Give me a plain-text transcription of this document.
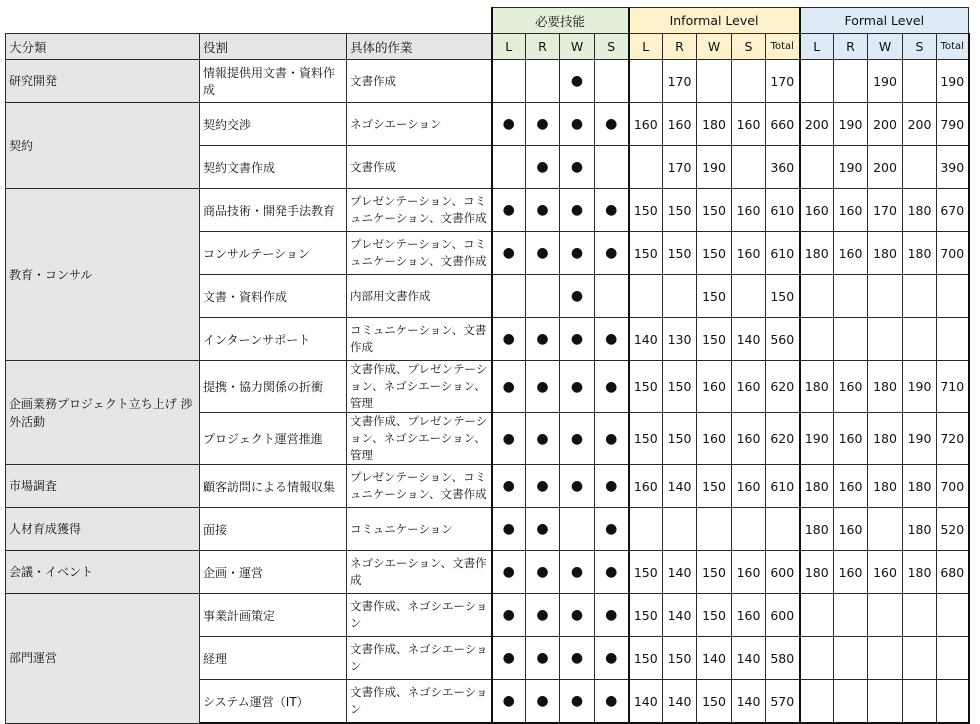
			必要技能				Informal Level					Formal Level				
大分類	役割	具体的作業	L	R	W	S	L	R	W	S	Total	L	R	W	S	Total
研究開発	情報提供用文書・資料作成	文書作成			●			170			170			190		190
契約	契約交渉	ネゴシエーション	●	●	●	●	160	160	180	160	660	200	190	200	200	790
	契約文書作成	文書作成		●	●			170	190		360		190	200		390
教育・コンサル	商品技術・開発手法教育	プレゼンテーション、コミュニケーション、文書作成	●	●	●	●	150	150	150	160	610	160	160	170	180	670
	コンサルテーション	プレゼンテーション、コミュニケーション、文書作成	●	●	●	●	150	150	150	160	610	180	160	180	180	700
	文書・資料作成	内部用文書作成			●				150		150					
	インターンサポート	コミュニケーション、文書作成	●	●	●	●	140	130	150	140	560					
企画業務プロジェクト立ち上げ 渉外活動	提携・協力関係の折衝	文書作成、プレゼンテーション、ネゴシエーション、管理	●	●	●	●	150	150	160	160	620	180	160	180	190	710
	プロジェクト運営推進	文書作成、プレゼンテーション、ネゴシエーション、管理	●	●	●	●	150	150	160	160	620	190	160	180	190	720
市場調査	顧客訪問による情報収集	プレゼンテーション、コミュニケーション、文書作成	●	●	●	●	160	140	150	160	610	180	160	180	180	700
人材育成獲得	面接	コミュニケーション	●	●		●						180	160		180	520
会議・イベント	企画・運営	ネゴシエーション、文書作成	●	●	●	●	150	140	150	160	600	180	160	160	180	680
部門運営	事業計画策定	文書作成、ネゴシエーション	●	●	●	●	150	140	150	160	600					
	経理	文書作成、ネゴシエーション	●	●	●	●	150	150	140	140	580					
	システム運営（IT）	文書作成、ネゴシエーション	●	●	●	●	140	140	150	140	570					
